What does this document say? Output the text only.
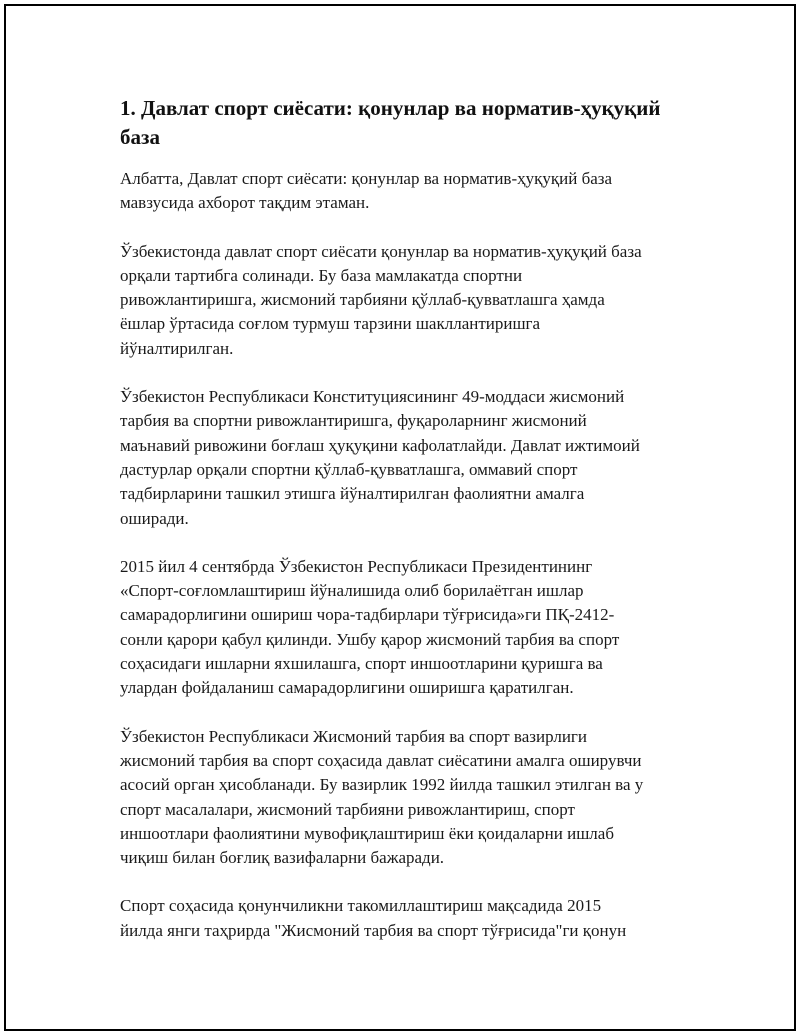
1. Давлат спорт сиёсати: қонунлар ва норматив-ҳуқуқий
база

Албатта, Давлат спорт сиёсати: қонунлар ва норматив-ҳуқуқий база
мавзусида ахборот тақдим этаман.

Ўзбекистонда давлат спорт сиёсати қонунлар ва норматив-ҳуқуқий база
орқали тартибга солинади. Бу база мамлакатда спортни
ривожлантиришга, жисмоний тарбияни қўллаб-қувватлашга ҳамда
ёшлар ўртасида соғлом турмуш тарзини шакллантиришга
йўналтирилган.

Ўзбекистон Республикаси Конституциясининг 49-моддаси жисмоний
тарбия ва спортни ривожлантиришга, фуқароларнинг жисмоний
маънавий ривожини боғлаш ҳуқуқини кафолатлайди. Давлат ижтимоий
дастурлар орқали спортни қўллаб-қувватлашга, оммавий спорт
тадбирларини ташкил этишга йўналтирилган фаолиятни амалга
оширади.

2015 йил 4 сентябрда Ўзбекистон Республикаси Президентининг
«Спорт-соғломлаштириш йўналишида олиб борилаётган ишлар
самарадорлигини ошириш чора-тадбирлари тўғрисида»ги ПҚ-2412-
сонли қарори қабул қилинди. Ушбу қарор жисмоний тарбия ва спорт
соҳасидаги ишларни яхшилашга, спорт иншоотларини қуришга ва
улардан фойдаланиш самарадорлигини оширишга қаратилган.

Ўзбекистон Республикаси Жисмоний тарбия ва спорт вазирлиги
жисмоний тарбия ва спорт соҳасида давлат сиёсатини амалга оширувчи
асосий орган ҳисобланади. Бу вазирлик 1992 йилда ташкил этилган ва у
спорт масалалари, жисмоний тарбияни ривожлантириш, спорт
иншоотлари фаолиятини мувофиқлаштириш ёки қоидаларни ишлаб
чиқиш билан боғлиқ вазифаларни бажаради.

Спорт соҳасида қонунчиликни такомиллаштириш мақсадида 2015
йилда янги таҳрирда "Жисмоний тарбия ва спорт тўғрисида"ги қонун
